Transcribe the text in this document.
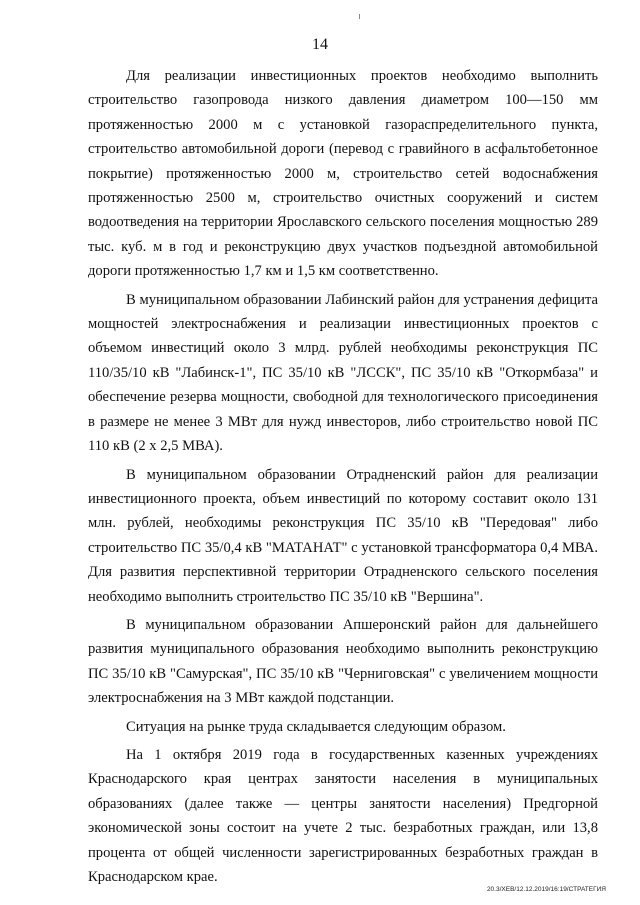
14

Для реализации инвестиционных проектов необходимо выполнить строительство газопровода низкого давления диаметром 100—150 мм протяженностью 2000 м с установкой газораспределительного пункта, строительство автомобильной дороги (перевод с гравийного в асфальтобетонное покрытие) протяженностью 2000 м, строительство сетей водоснабжения протяженностью 2500 м, строительство очистных сооружений и систем водоотведения на территории Ярославского сельского поселения мощностью 289 тыс. куб. м в год и реконструкцию двух участков подъездной автомобильной дороги протяженностью 1,7 км и 1,5 км соответственно.

В муниципальном образовании Лабинский район для устранения дефицита мощностей электроснабжения и реализации инвестиционных проектов с объемом инвестиций около 3 млрд. рублей необходимы реконструкция ПС 110/35/10 кВ "Лабинск-1", ПС 35/10 кВ "ЛССК", ПС 35/10 кВ "Откормбаза" и обеспечение резерва мощности, свободной для технологического присоединения в размере не менее 3 МВт для нужд инвесторов, либо строительство новой ПС 110 кВ (2 х 2,5 МВА).

В муниципальном образовании Отрадненский район для реализации инвестиционного проекта, объем инвестиций по которому составит около 131 млн. рублей, необходимы реконструкция ПС 35/10 кВ "Передовая" либо строительство ПС 35/0,4 кВ "МАТАНАТ" с установкой трансформатора 0,4 МВА. Для развития перспективной территории Отрадненского сельского поселения необходимо выполнить строительство ПС 35/10 кВ "Вершина".

В муниципальном образовании Апшеронский район для дальнейшего развития муниципального образования необходимо выполнить реконструкцию ПС 35/10 кВ "Самурская", ПС 35/10 кВ "Черниговская" с увеличением мощности электроснабжения на 3 МВт каждой подстанции.

Ситуация на рынке труда складывается следующим образом.

На 1 октября 2019 года в государственных казенных учреждениях Краснодарского края центрах занятости населения в муниципальных образованиях (далее также — центры занятости населения) Предгорной экономической зоны состоит на учете 2 тыс. безработных граждан, или 13,8 процента от общей численности зарегистрированных безработных граждан в Краснодарском крае.

20.3/ХЕВ/12.12.2019/16:19/СТРАТЕГИЯ
